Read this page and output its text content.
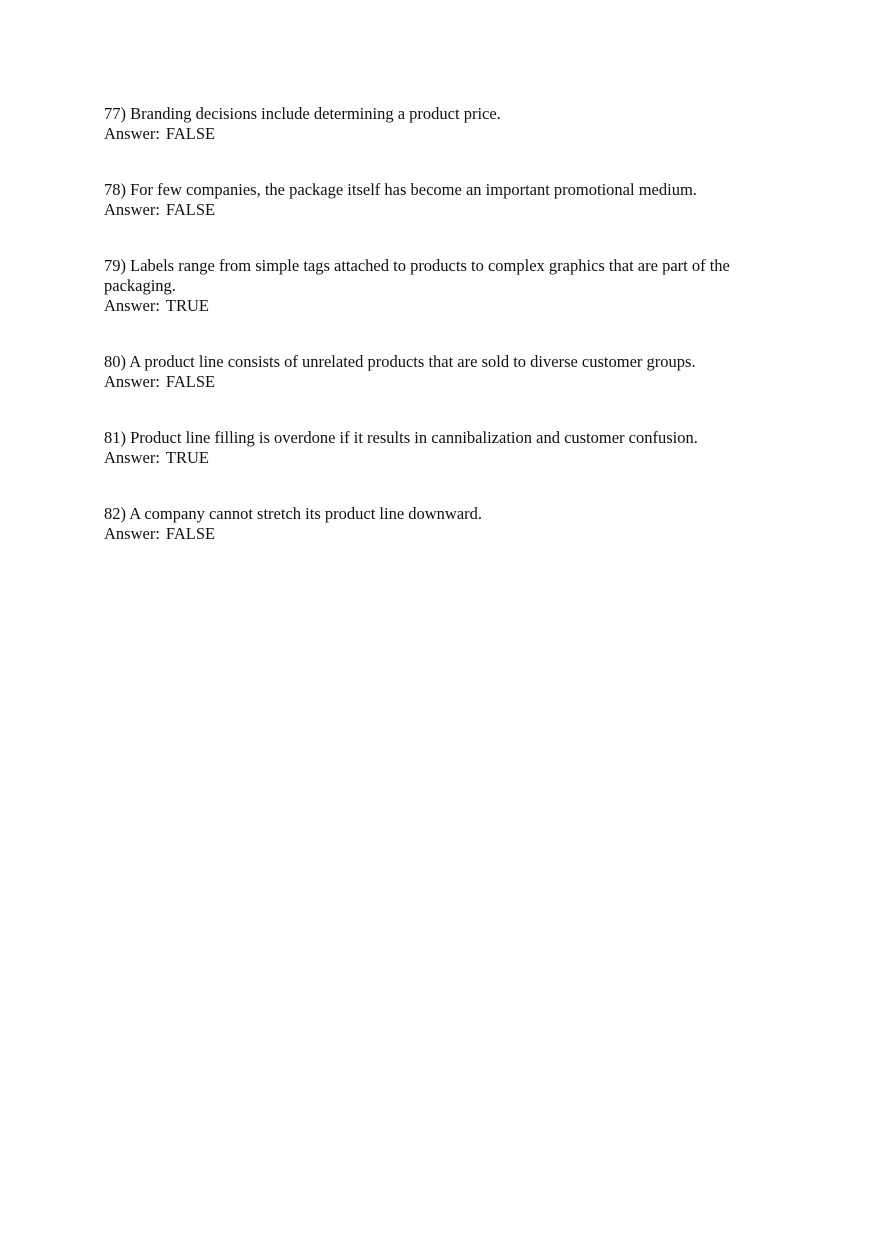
77) Branding decisions include determining a product price.

Answer: FALSE

78) For few companies, the package itself has become an important promotional medium.

Answer: FALSE

79) Labels range from simple tags attached to products to complex graphics that are part of the packaging.

Answer: TRUE

80) A product line consists of unrelated products that are sold to diverse customer groups.

Answer: FALSE

81) Product line filling is overdone if it results in cannibalization and customer confusion.

Answer: TRUE

82) A company cannot stretch its product line downward.

Answer: FALSE
